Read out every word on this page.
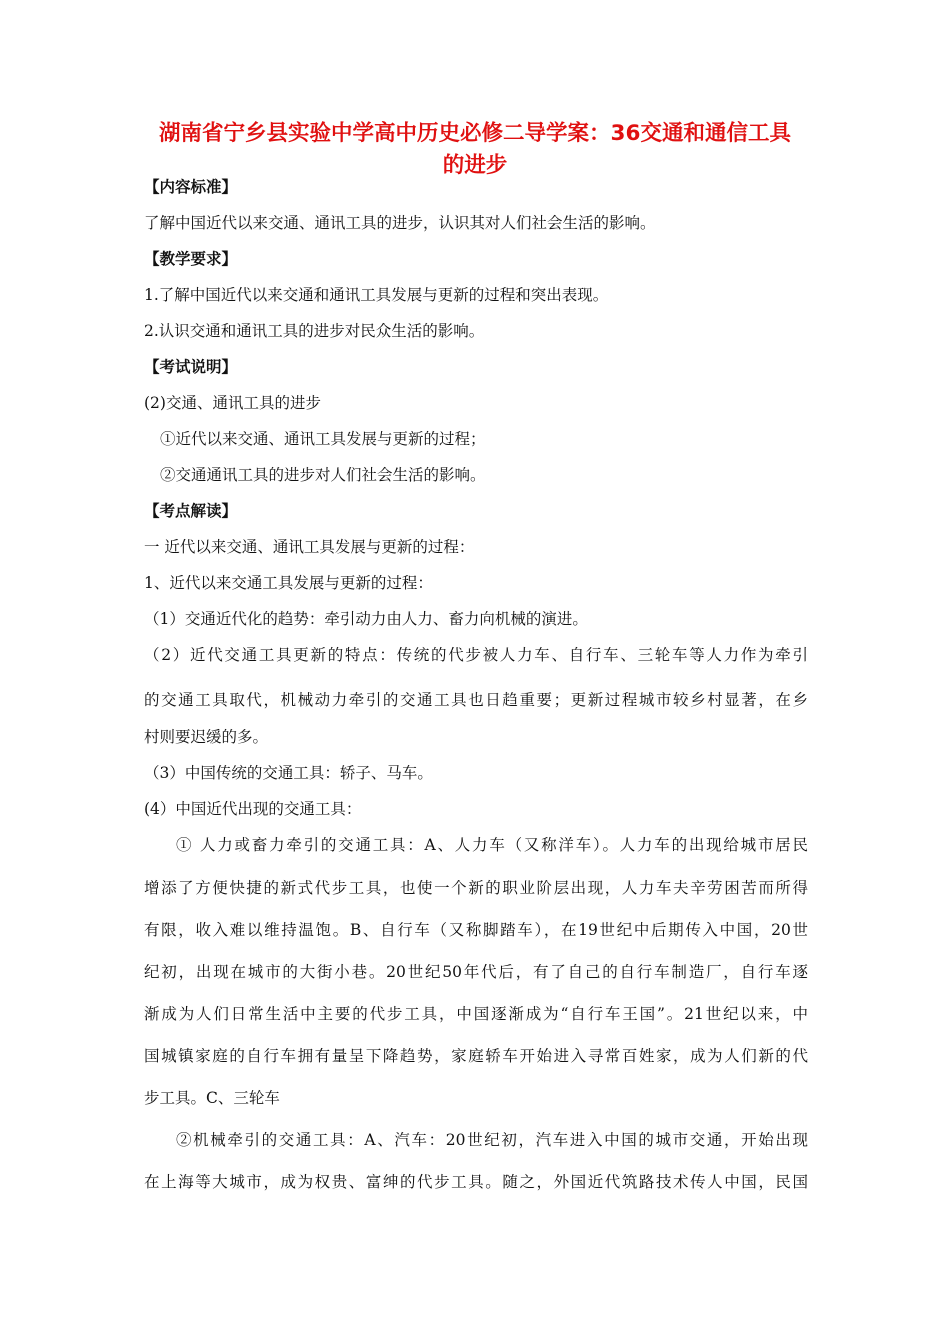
湖南省宁乡县实验中学高中历史必修二导学案：36交通和通信工具
的进步
【内容标准】
了解中国近代以来交通、通讯工具的进步，认识其对人们社会生活的影响。
【教学要求】
1.了解中国近代以来交通和通讯工具发展与更新的过程和突出表现。
2.认识交通和通讯工具的进步对民众生活的影响。
【考试说明】
(2)交通、通讯工具的进步
①近代以来交通、通讯工具发展与更新的过程；
②交通通讯工具的进步对人们社会生活的影响。
【考点解读】
一 近代以来交通、通讯工具发展与更新的过程：
1、近代以来交通工具发展与更新的过程：
（1）交通近代化的趋势：牵引动力由人力、畜力向机械的演进。
（2）近代交通工具更新的特点：传统的代步被人力车、自行车、三轮车等人力作为牵引
的交通工具取代，机械动力牵引的交通工具也日趋重要；更新过程城市较乡村显著，在乡
村则要迟缓的多。
（3）中国传统的交通工具：轿子、马车。
(4）中国近代出现的交通工具：
① 人力或畜力牵引的交通工具：A、人力车（又称洋车）。人力车的出现给城市居民
增添了方便快捷的新式代步工具，也使一个新的职业阶层出现，人力车夫辛劳困苦而所得
有限，收入难以维持温饱。B、自行车（又称脚踏车），在19世纪中后期传入中国，20世
纪初，出现在城市的大街小巷。20世纪50年代后，有了自己的自行车制造厂，自行车逐
渐成为人们日常生活中主要的代步工具，中国逐渐成为“自行车王国”。21世纪以来，中
国城镇家庭的自行车拥有量呈下降趋势，家庭轿车开始进入寻常百姓家，成为人们新的代
步工具。C、三轮车
②机械牵引的交通工具：A、汽车：20世纪初，汽车进入中国的城市交通，开始出现
在上海等大城市，成为权贵、富绅的代步工具。随之，外国近代筑路技术传人中国，民国
